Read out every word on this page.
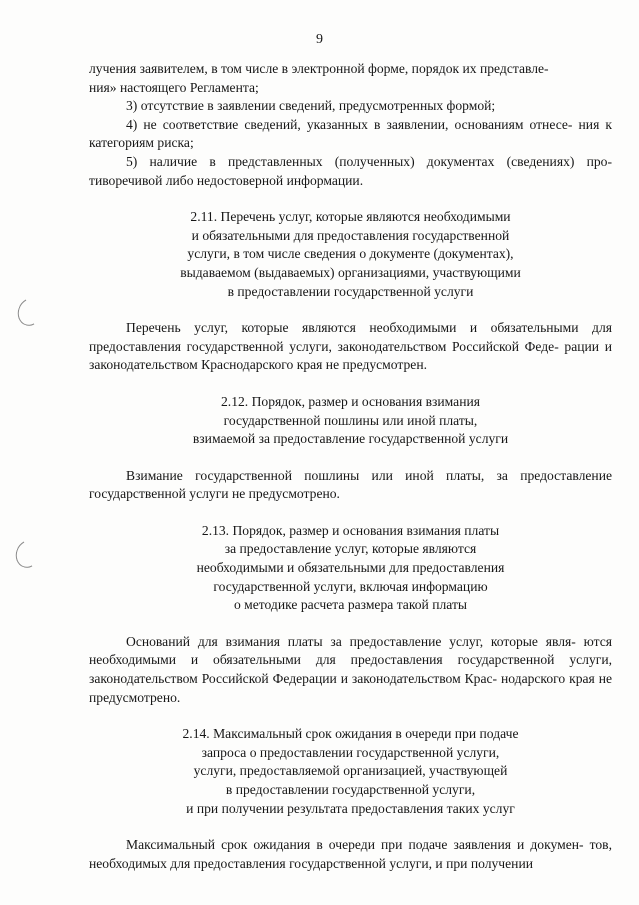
9

лучения заявителем, в том числе в электронной форме, порядок их представле-

ния» настоящего Регламента;

3) отсутствие в заявлении сведений, предусмотренных формой;

4) не соответствие сведений, указанных в заявлении, основаниям отнесе- ния к категориям риска;

5) наличие в представленных (полученных) документах (сведениях) про- тиворечивой либо недостоверной информации.

2.11. Перечень услуг, которые являются необходимыми

и обязательными для предоставления государственной

услуги, в том числе сведения о документе (документах),

выдаваемом (выдаваемых) организациями, участвующими

в предоставлении государственной услуги

Перечень услуг, которые являются необходимыми и обязательными для предоставления государственной услуги, законодательством Российской Феде- рации и законодательством Краснодарского края не предусмотрен.

2.12. Порядок, размер и основания взимания

государственной пошлины или иной платы,

взимаемой за предоставление государственной услуги

Взимание государственной пошлины или иной платы, за предоставление государственной услуги не предусмотрено.

2.13. Порядок, размер и основания взимания платы

за предоставление услуг, которые являются

необходимыми и обязательными для предоставления

государственной услуги, включая информацию

о методике расчета размера такой платы

Оснований для взимания платы за предоставление услуг, которые явля- ются необходимыми и обязательными для предоставления государственной услуги, законодательством Российской Федерации и законодательством Крас- нодарского края не предусмотрено.

2.14. Максимальный срок ожидания в очереди при подаче

запроса о предоставлении государственной услуги,

услуги, предоставляемой организацией, участвующей

в предоставлении государственной услуги,

и при получении результата предоставления таких услуг

Максимальный срок ожидания в очереди при подаче заявления и докумен- тов, необходимых для предоставления государственной услуги, и при получении
